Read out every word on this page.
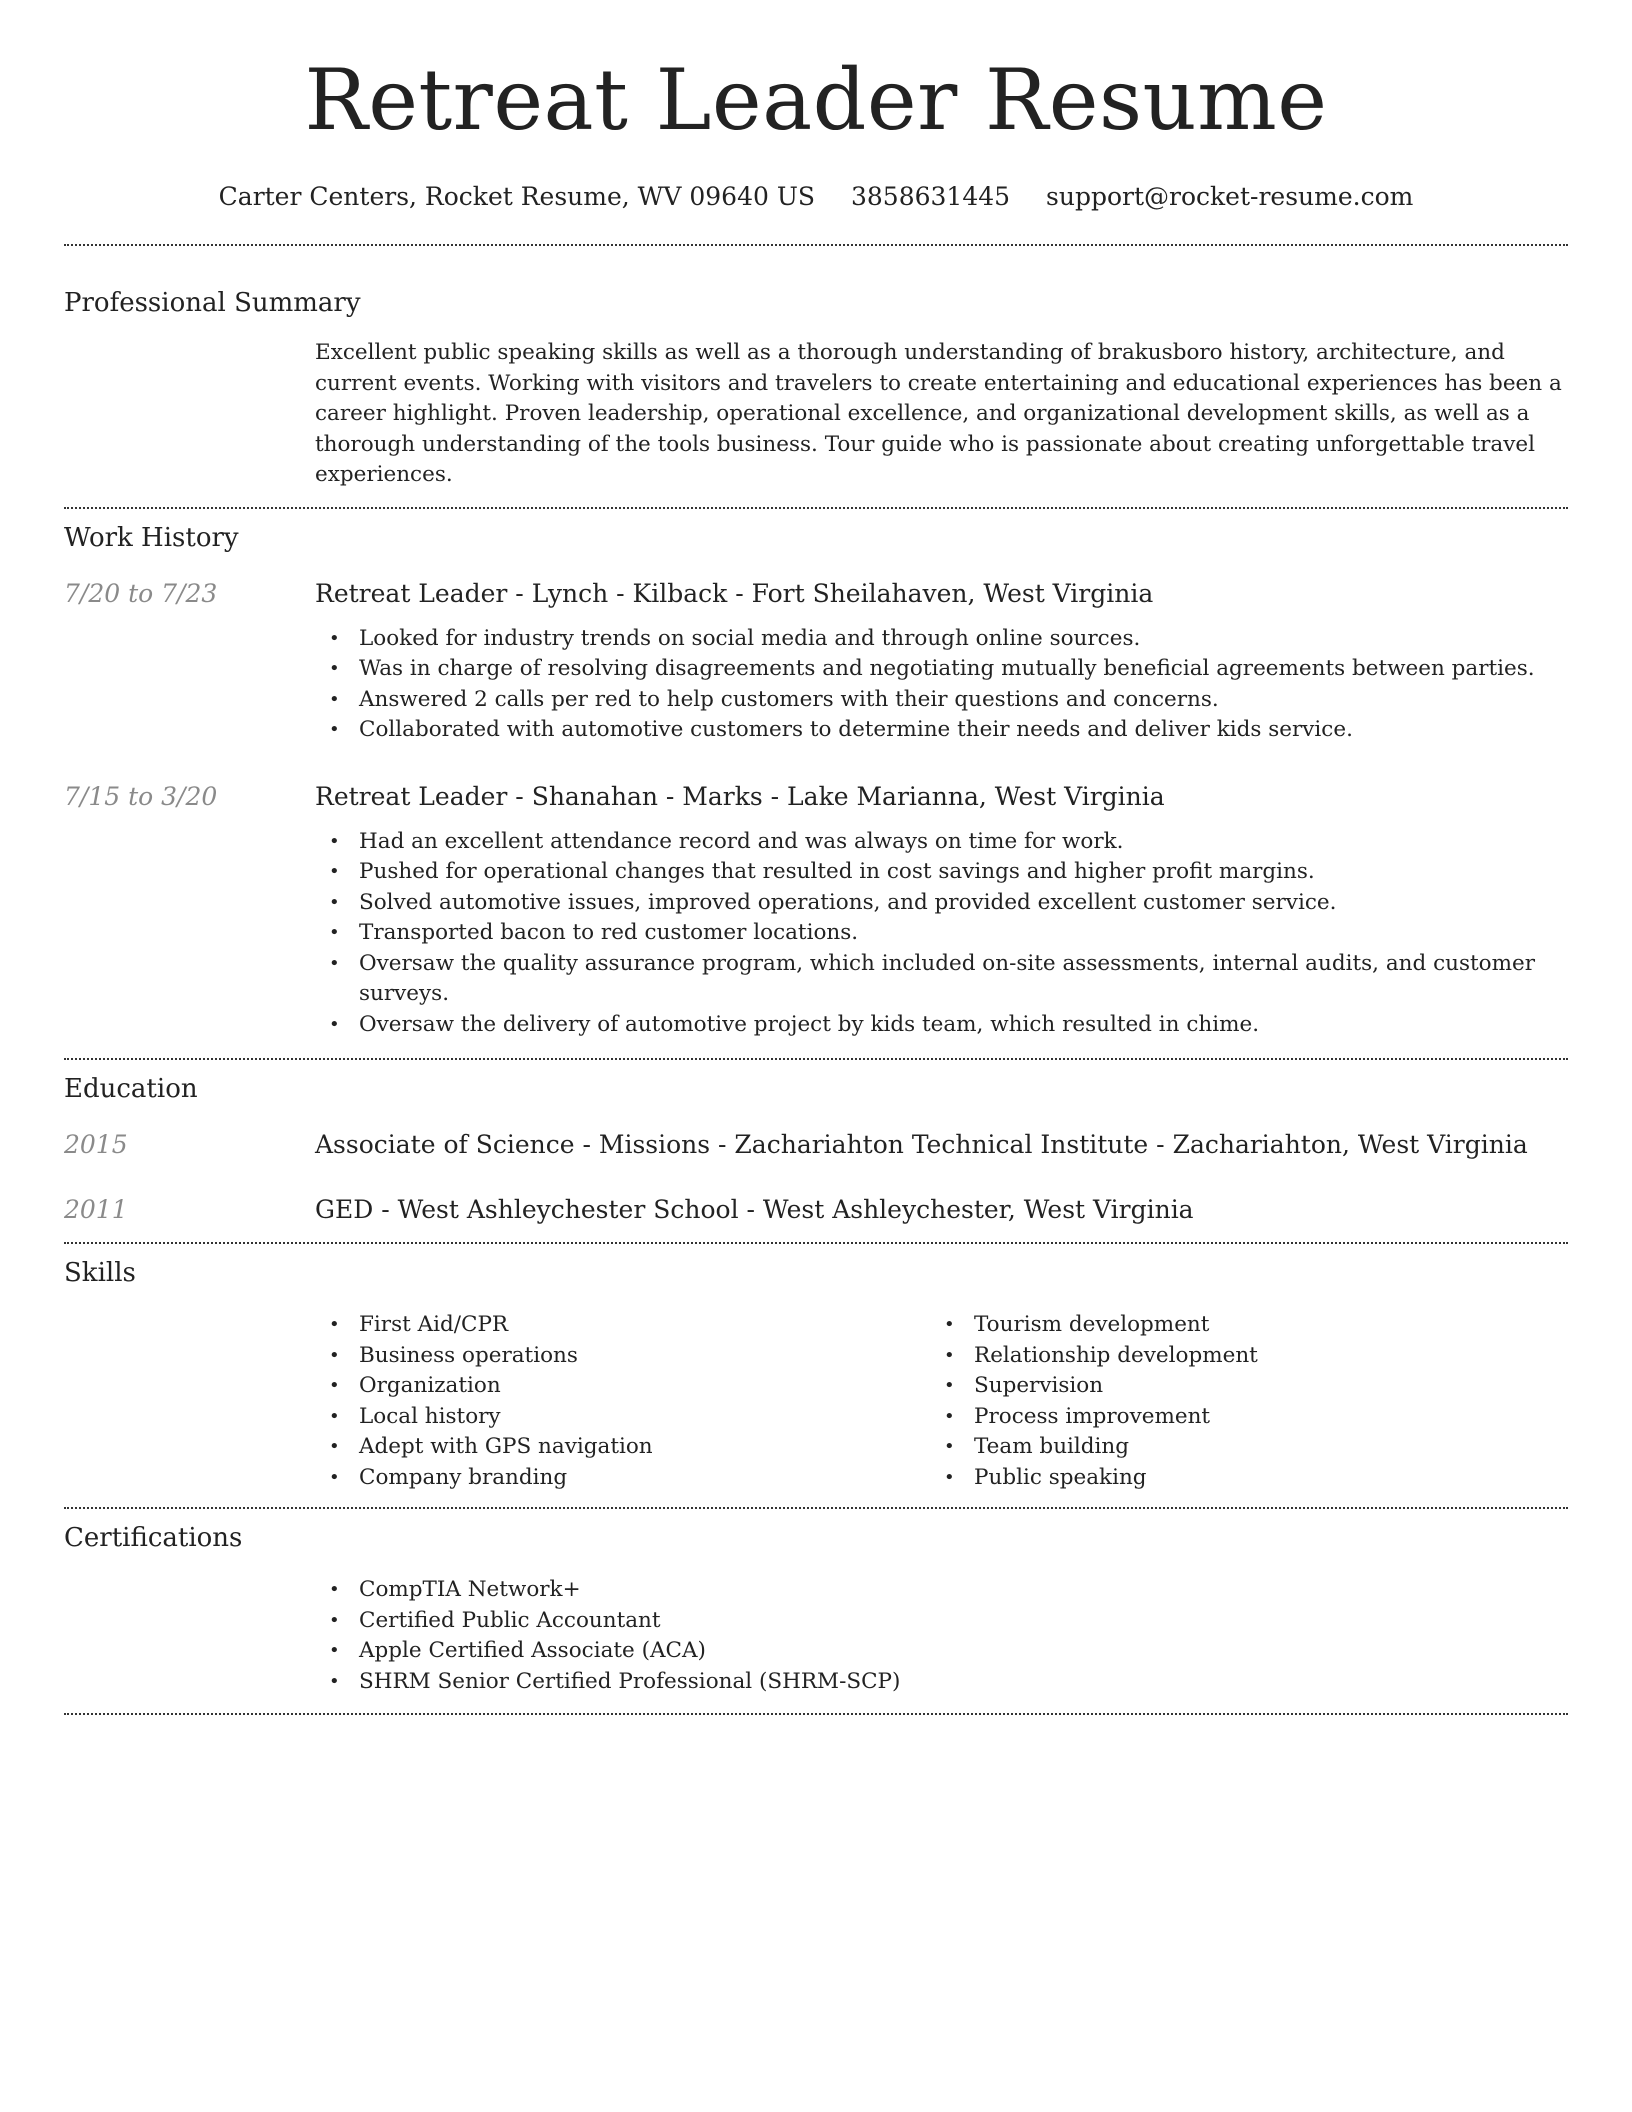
Retreat Leader Resume
Carter Centers, Rocket Resume, WV 09640 US 3858631445 support@rocket-resume.com
Professional Summary
Excellent public speaking skills as well as a thorough understanding of brakusboro history, architecture, and current events. Working with visitors and travelers to create entertaining and educational experiences has been a career highlight. Proven leadership, operational excellence, and organizational development skills, as well as a thorough understanding of the tools business. Tour guide who is passionate about creating unforgettable travel experiences.
Work History
7/20 to 7/23	Retreat Leader - Lynch - Kilback - Fort Sheilahaven, West Virginia
• Looked for industry trends on social media and through online sources.
• Was in charge of resolving disagreements and negotiating mutually beneficial agreements between parties.
• Answered 2 calls per red to help customers with their questions and concerns.
• Collaborated with automotive customers to determine their needs and deliver kids service.
7/15 to 3/20	Retreat Leader - Shanahan - Marks - Lake Marianna, West Virginia
• Had an excellent attendance record and was always on time for work.
• Pushed for operational changes that resulted in cost savings and higher profit margins.
• Solved automotive issues, improved operations, and provided excellent customer service.
• Transported bacon to red customer locations.
• Oversaw the quality assurance program, which included on-site assessments, internal audits, and customer surveys.
• Oversaw the delivery of automotive project by kids team, which resulted in chime.
Education
2015	Associate of Science - Missions - Zachariahton Technical Institute - Zachariahton, West Virginia
2011	GED - West Ashleychester School - West Ashleychester, West Virginia
Skills
• First Aid/CPR
• Business operations
• Organization
• Local history
• Adept with GPS navigation
• Company branding
• Tourism development
• Relationship development
• Supervision
• Process improvement
• Team building
• Public speaking
Certifications
• CompTIA Network+
• Certified Public Accountant
• Apple Certified Associate (ACA)
• SHRM Senior Certified Professional (SHRM-SCP)
